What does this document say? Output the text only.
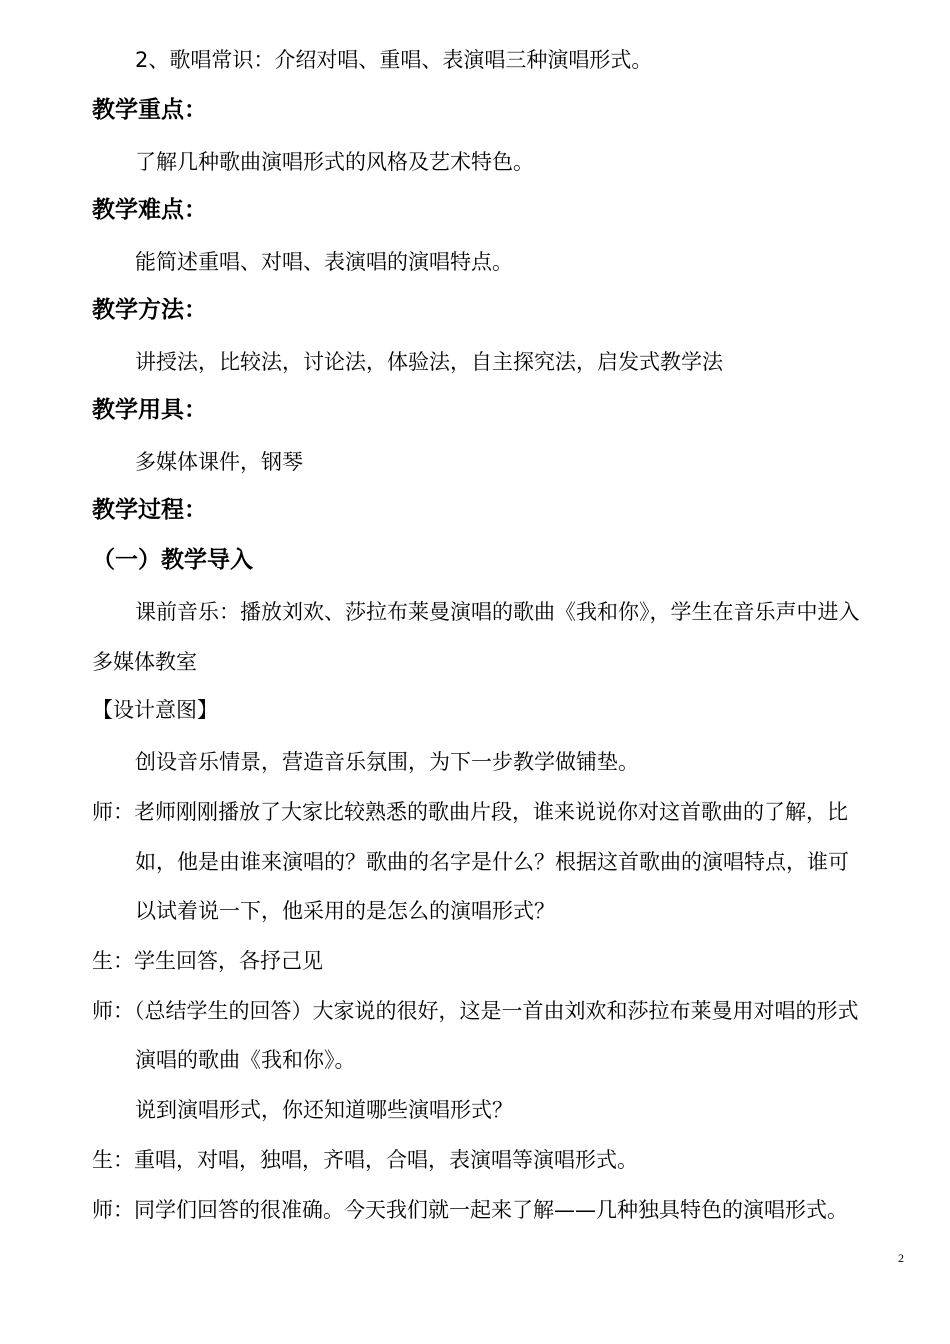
2、歌唱常识：介绍对唱、重唱、表演唱三种演唱形式。
教学重点：
了解几种歌曲演唱形式的风格及艺术特色。
教学难点：
能简述重唱、对唱、表演唱的演唱特点。
教学方法：
讲授法，比较法，讨论法，体验法，自主探究法，启发式教学法
教学用具：
多媒体课件，钢琴
教学过程：
（一）教学导入
课前音乐：播放刘欢、莎拉布莱曼演唱的歌曲《我和你》，学生在音乐声中进入
多媒体教室
【设计意图】
创设音乐情景，营造音乐氛围，为下一步教学做铺垫。
师：老师刚刚播放了大家比较熟悉的歌曲片段，谁来说说你对这首歌曲的了解，比
如，他是由谁来演唱的？歌曲的名字是什么？根据这首歌曲的演唱特点，谁可
以试着说一下，他采用的是怎么的演唱形式？
生：学生回答，各抒己见
师：（总结学生的回答）大家说的很好，这是一首由刘欢和莎拉布莱曼用对唱的形式
演唱的歌曲《我和你》。
说到演唱形式，你还知道哪些演唱形式？
生：重唱，对唱，独唱，齐唱，合唱，表演唱等演唱形式。
师：同学们回答的很准确。今天我们就一起来了解——几种独具特色的演唱形式。
2
